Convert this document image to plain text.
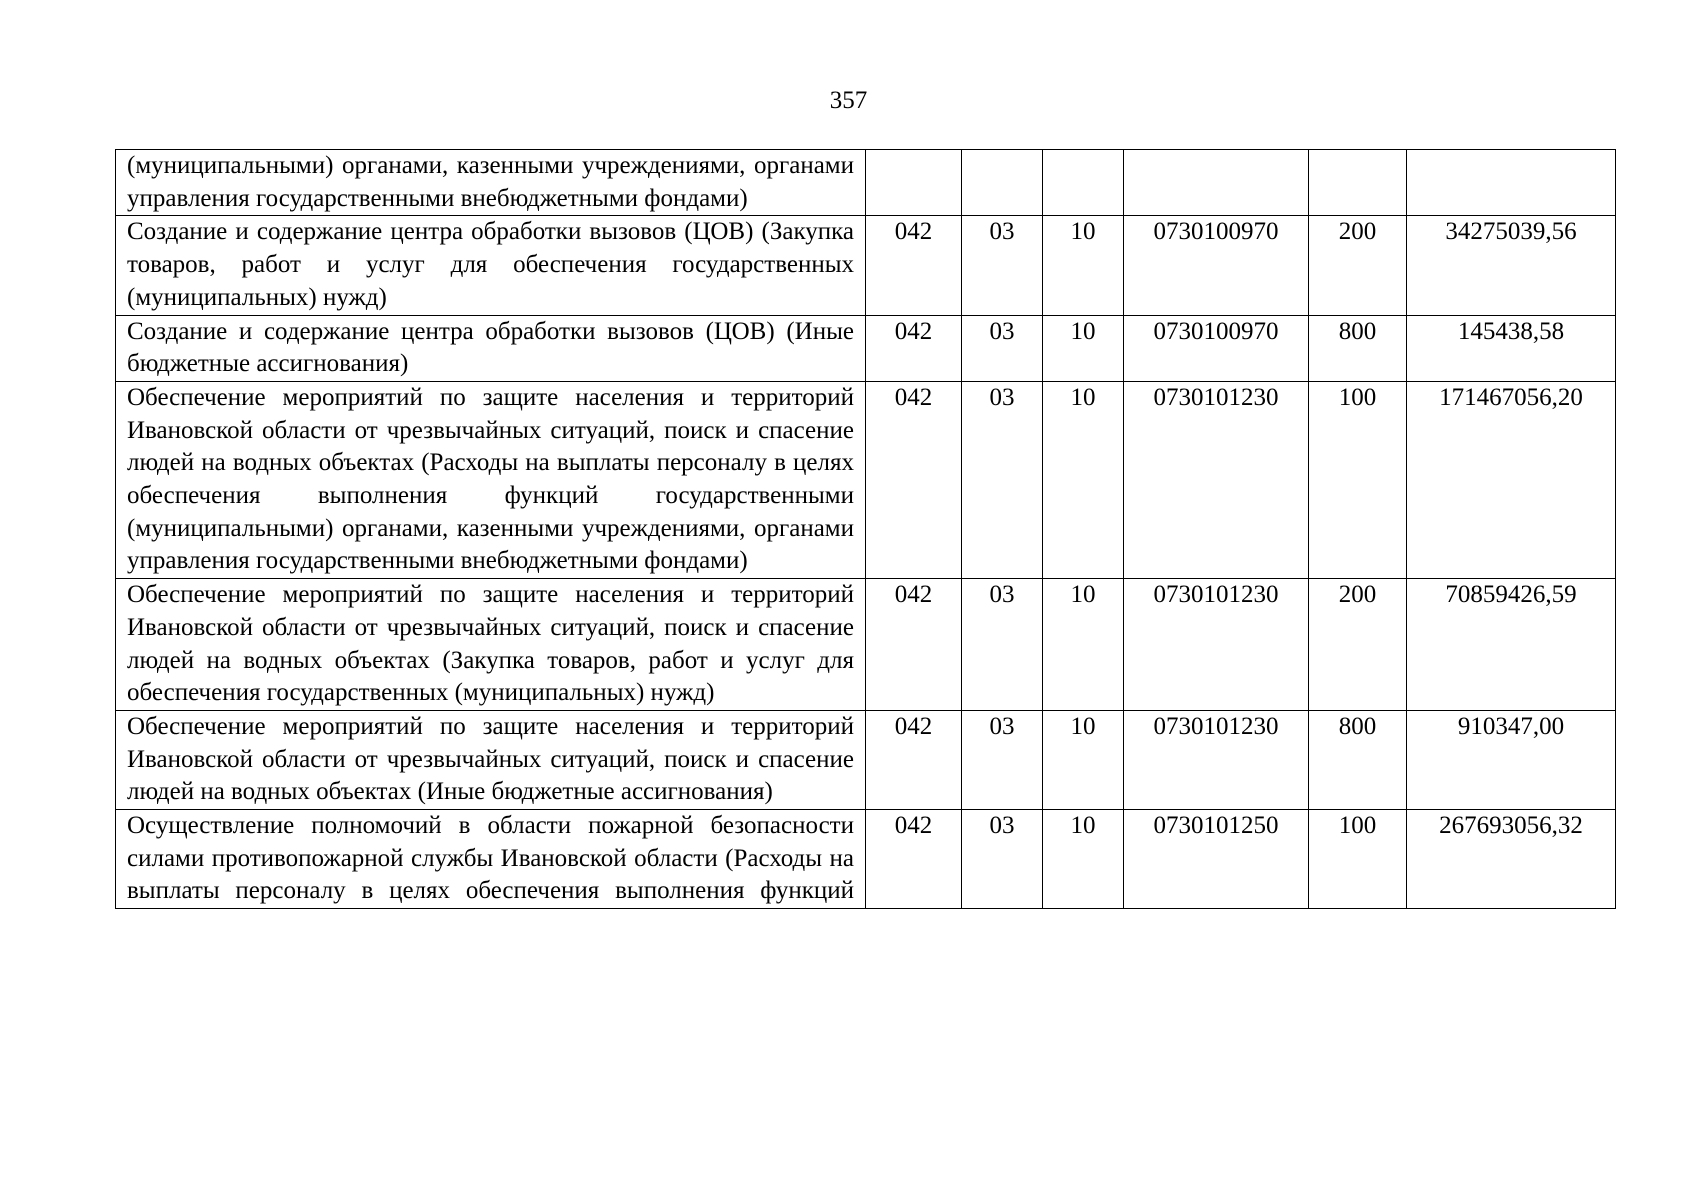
357
(муниципальными) органами, казенными учреждениями, органами управления государственными внебюджетными фондами)						
Создание и содержание центра обработки вызовов (ЦОВ) (Закупка товаров, работ и услуг для обеспечения государственных (муниципальных) нужд)	042	03	10	0730100970	200	34275039,56
Создание и содержание центра обработки вызовов (ЦОВ) (Иные бюджетные ассигнования)	042	03	10	0730100970	800	145438,58
Обеспечение мероприятий по защите населения и территорий Ивановской области от чрезвычайных ситуаций, поиск и спасение людей на водных объектах (Расходы на выплаты персоналу в целях обеспечения выполнения функций государственными (муниципальными) органами, казенными учреждениями, органами управления государственными внебюджетными фондами)	042	03	10	0730101230	100	171467056,20
Обеспечение мероприятий по защите населения и территорий Ивановской области от чрезвычайных ситуаций, поиск и спасение людей на водных объектах (Закупка товаров, работ и услуг для обеспечения государственных (муниципальных) нужд)	042	03	10	0730101230	200	70859426,59
Обеспечение мероприятий по защите населения и территорий Ивановской области от чрезвычайных ситуаций, поиск и спасение людей на водных объектах (Иные бюджетные ассигнования)	042	03	10	0730101230	800	910347,00
Осуществление полномочий в области пожарной безопасности силами противопожарной службы Ивановской области (Расходы на выплаты персоналу в целях обеспечения выполнения функций	042	03	10	0730101250	100	267693056,32
